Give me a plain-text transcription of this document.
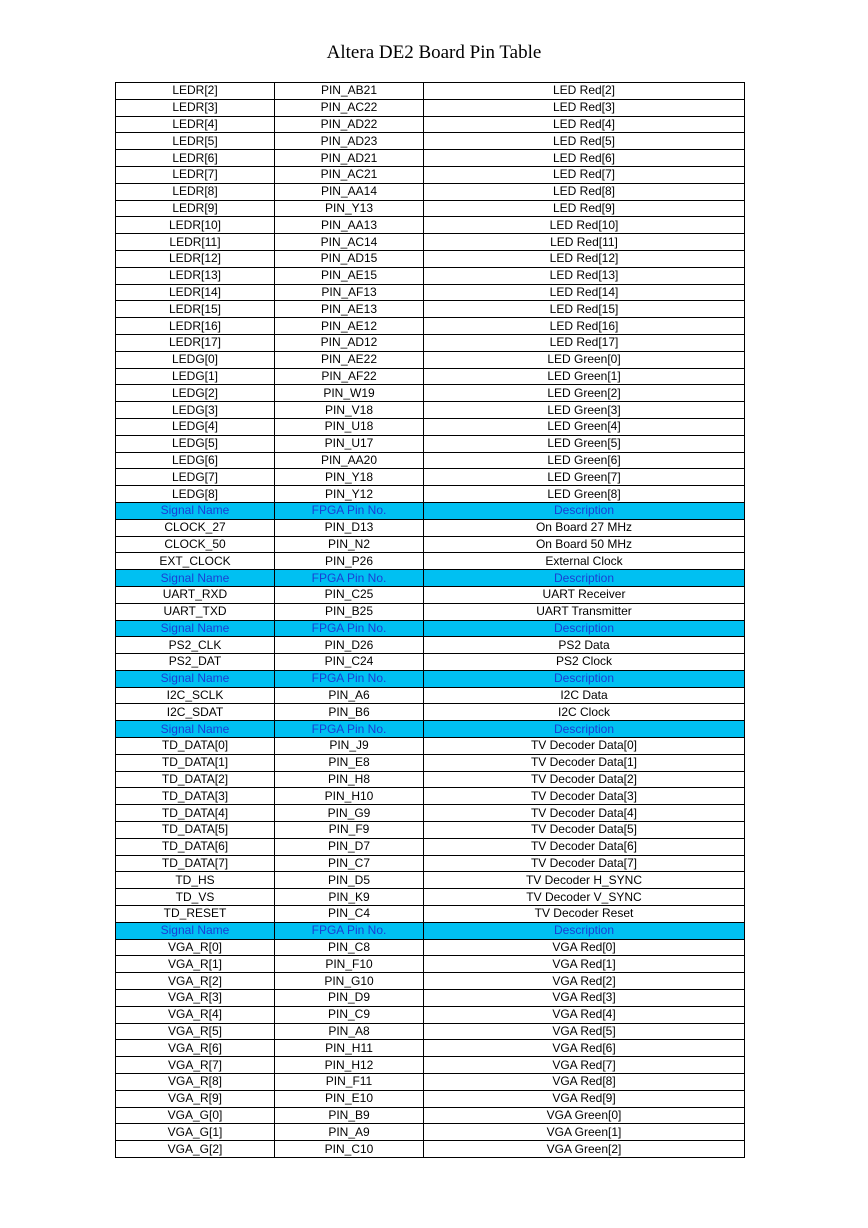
Altera DE2 Board Pin Table
LEDR[2]	PIN_AB21	LED Red[2]
LEDR[3]	PIN_AC22	LED Red[3]
LEDR[4]	PIN_AD22	LED Red[4]
LEDR[5]	PIN_AD23	LED Red[5]
LEDR[6]	PIN_AD21	LED Red[6]
LEDR[7]	PIN_AC21	LED Red[7]
LEDR[8]	PIN_AA14	LED Red[8]
LEDR[9]	PIN_Y13	LED Red[9]
LEDR[10]	PIN_AA13	LED Red[10]
LEDR[11]	PIN_AC14	LED Red[11]
LEDR[12]	PIN_AD15	LED Red[12]
LEDR[13]	PIN_AE15	LED Red[13]
LEDR[14]	PIN_AF13	LED Red[14]
LEDR[15]	PIN_AE13	LED Red[15]
LEDR[16]	PIN_AE12	LED Red[16]
LEDR[17]	PIN_AD12	LED Red[17]
LEDG[0]	PIN_AE22	LED Green[0]
LEDG[1]	PIN_AF22	LED Green[1]
LEDG[2]	PIN_W19	LED Green[2]
LEDG[3]	PIN_V18	LED Green[3]
LEDG[4]	PIN_U18	LED Green[4]
LEDG[5]	PIN_U17	LED Green[5]
LEDG[6]	PIN_AA20	LED Green[6]
LEDG[7]	PIN_Y18	LED Green[7]
LEDG[8]	PIN_Y12	LED Green[8]
Signal Name	FPGA Pin No.	Description
CLOCK_27	PIN_D13	On Board 27 MHz
CLOCK_50	PIN_N2	On Board 50 MHz
EXT_CLOCK	PIN_P26	External Clock
Signal Name	FPGA Pin No.	Description
UART_RXD	PIN_C25	UART Receiver
UART_TXD	PIN_B25	UART Transmitter
Signal Name	FPGA Pin No.	Description
PS2_CLK	PIN_D26	PS2 Data
PS2_DAT	PIN_C24	PS2 Clock
Signal Name	FPGA Pin No.	Description
I2C_SCLK	PIN_A6	I2C Data
I2C_SDAT	PIN_B6	I2C Clock
Signal Name	FPGA Pin No.	Description
TD_DATA[0]	PIN_J9	TV Decoder Data[0]
TD_DATA[1]	PIN_E8	TV Decoder Data[1]
TD_DATA[2]	PIN_H8	TV Decoder Data[2]
TD_DATA[3]	PIN_H10	TV Decoder Data[3]
TD_DATA[4]	PIN_G9	TV Decoder Data[4]
TD_DATA[5]	PIN_F9	TV Decoder Data[5]
TD_DATA[6]	PIN_D7	TV Decoder Data[6]
TD_DATA[7]	PIN_C7	TV Decoder Data[7]
TD_HS	PIN_D5	TV Decoder H_SYNC
TD_VS	PIN_K9	TV Decoder V_SYNC
TD_RESET	PIN_C4	TV Decoder Reset
Signal Name	FPGA Pin No.	Description
VGA_R[0]	PIN_C8	VGA Red[0]
VGA_R[1]	PIN_F10	VGA Red[1]
VGA_R[2]	PIN_G10	VGA Red[2]
VGA_R[3]	PIN_D9	VGA Red[3]
VGA_R[4]	PIN_C9	VGA Red[4]
VGA_R[5]	PIN_A8	VGA Red[5]
VGA_R[6]	PIN_H11	VGA Red[6]
VGA_R[7]	PIN_H12	VGA Red[7]
VGA_R[8]	PIN_F11	VGA Red[8]
VGA_R[9]	PIN_E10	VGA Red[9]
VGA_G[0]	PIN_B9	VGA Green[0]
VGA_G[1]	PIN_A9	VGA Green[1]
VGA_G[2]	PIN_C10	VGA Green[2]
